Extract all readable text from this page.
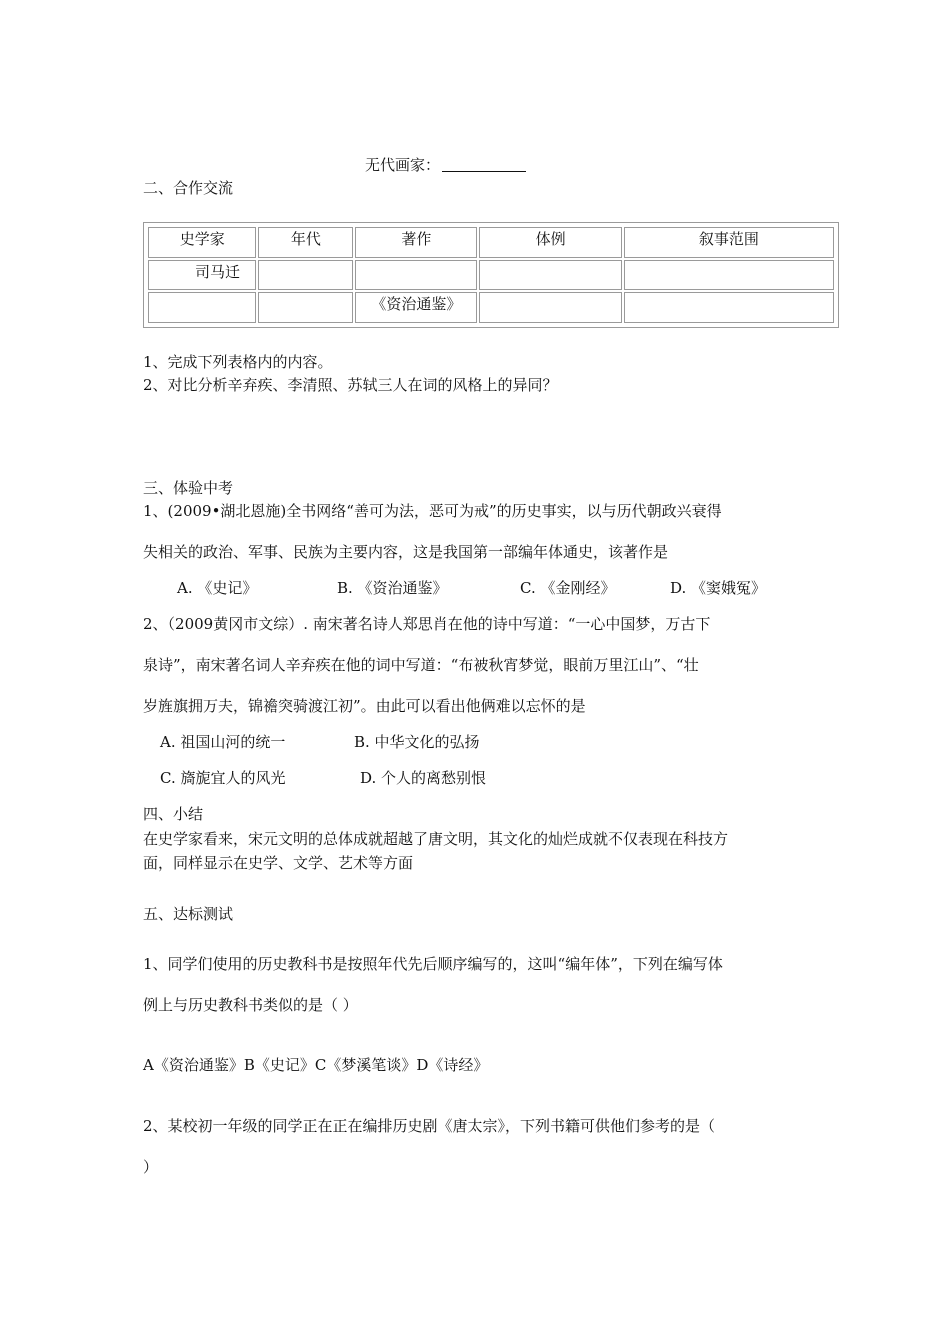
无代画家：

二、合作交流

史学家	年代	著作	体例	叙事范围
司马迁				
		《资治通鉴》		

1、完成下列表格内的内容。

2、对比分析辛弃疾、李清照、苏轼三人在词的风格上的异同？

三、体验中考

1、(2009•湖北恩施)全书网络“善可为法，恶可为戒”的历史事实，以与历代朝政兴衰得

失相关的政治、军事、民族为主要内容，这是我国第一部编年体通史，该著作是

A. 《史记》	B. 《资治通鉴》	C. 《金刚经》	D. 《窦娥冤》

2、（2009黄冈市文综）. 南宋著名诗人郑思肖在他的诗中写道：“一心中国梦，万古下

泉诗”，南宋著名词人辛弃疾在他的词中写道：“布被秋宵梦觉，眼前万里江山”、“壮

岁旌旗拥万夫，锦襜突骑渡江初”。由此可以看出他俩难以忘怀的是

A. 祖国山河的统一	B. 中华文化的弘扬

C. 旖旎宜人的风光	D. 个人的离愁别恨

四、小结

在史学家看来，宋元文明的总体成就超越了唐文明，其文化的灿烂成就不仅表现在科技方

面，同样显示在史学、文学、艺术等方面

五、达标测试

1、同学们使用的历史教科书是按照年代先后顺序编写的，这叫“编年体”，下列在编写体

例上与历史教科书类似的是（ ）

A《资治通鉴》B《史记》C《梦溪笔谈》D《诗经》

2、某校初一年级的同学正在正在编排历史剧《唐太宗》，下列书籍可供他们参考的是（

）
